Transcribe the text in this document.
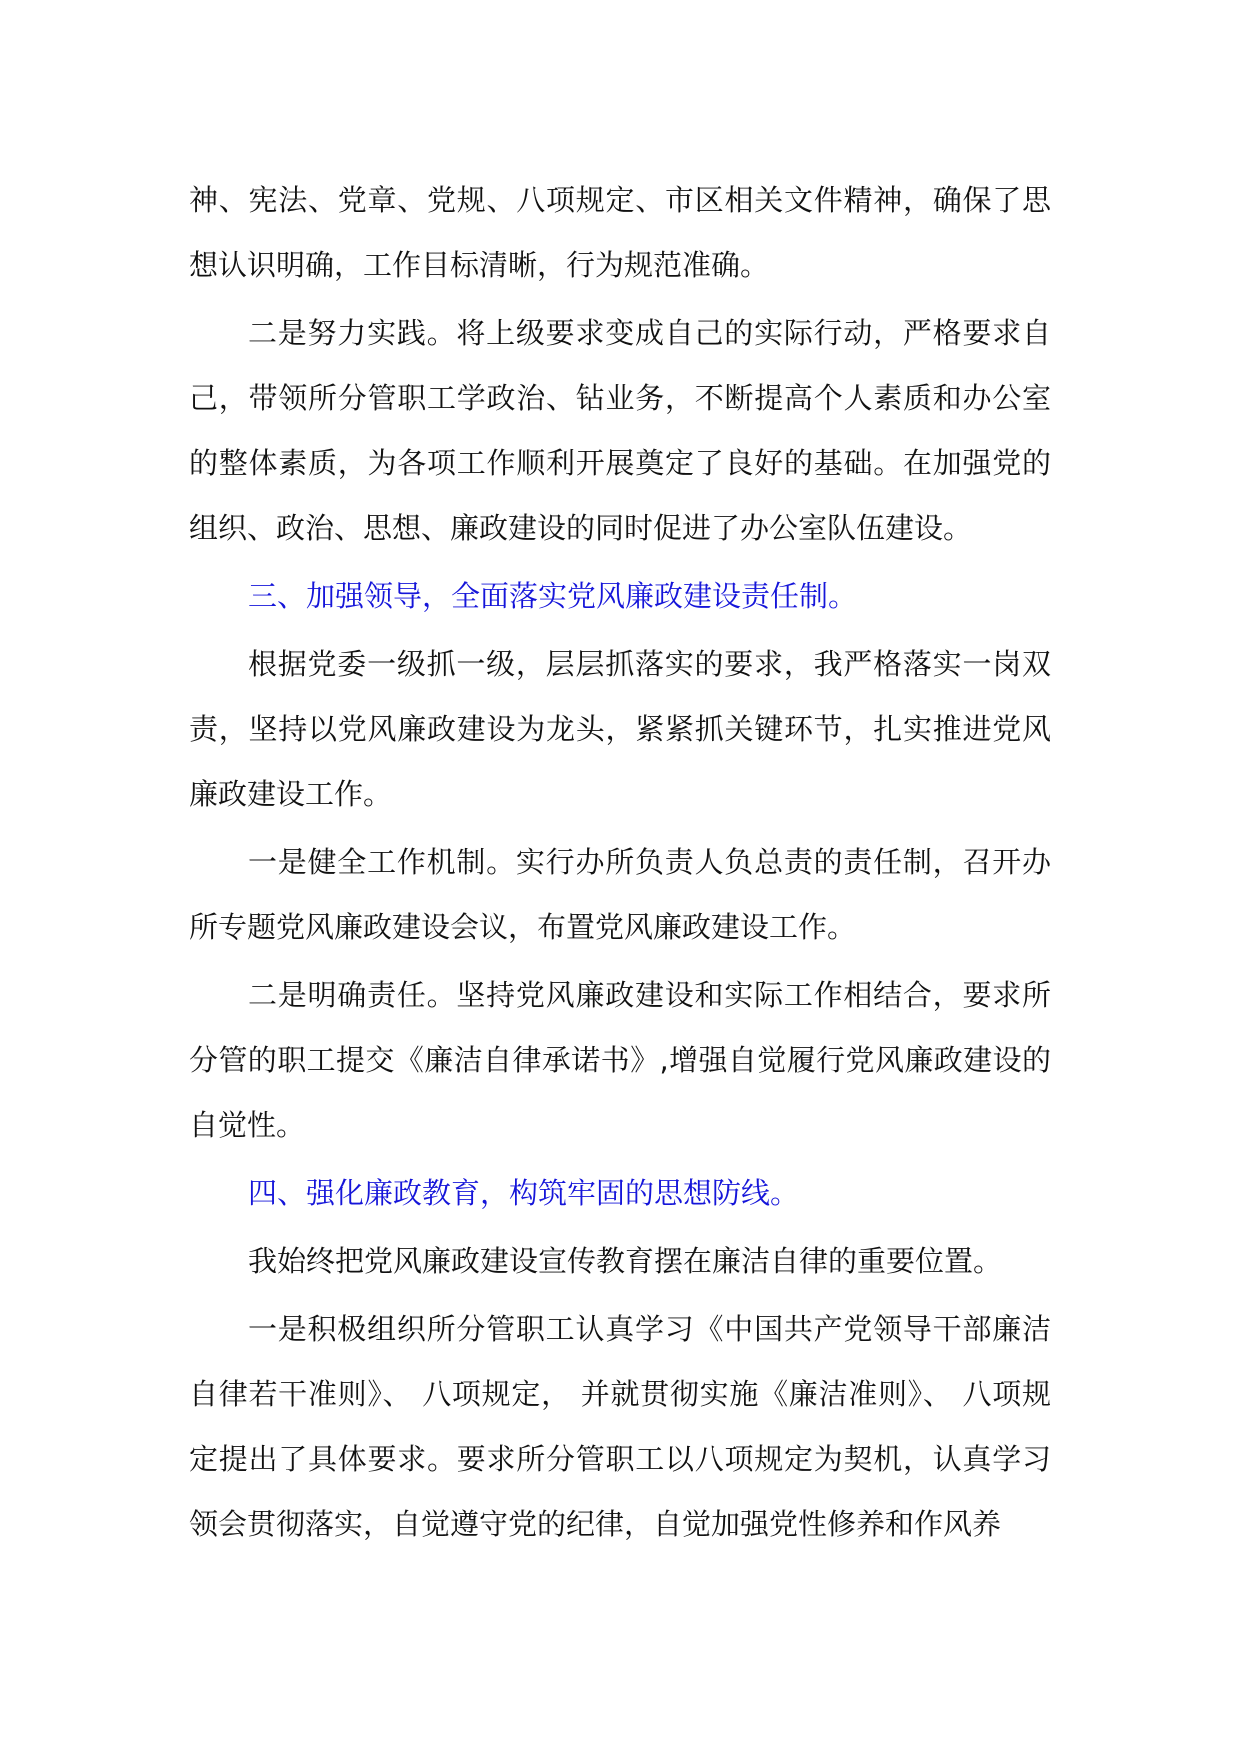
神、宪法、党章、党规、八项规定、市区相关文件精神，确保了思想认识明确，工作目标清晰，行为规范准确。

二是努力实践。将上级要求变成自己的实际行动，严格要求自己，带领所分管职工学政治、钻业务，不断提高个人素质和办公室的整体素质，为各项工作顺利开展奠定了良好的基础。在加强党的组织、政治、思想、廉政建设的同时促进了办公室队伍建设。

三、加强领导，全面落实党风廉政建设责任制。

根据党委一级抓一级，层层抓落实的要求，我严格落实一岗双责，坚持以党风廉政建设为龙头，紧紧抓关键环节，扎实推进党风廉政建设工作。

一是健全工作机制。实行办所负责人负总责的责任制，召开办所专题党风廉政建设会议，布置党风廉政建设工作。

二是明确责任。坚持党风廉政建设和实际工作相结合，要求所分管的职工提交《廉洁自律承诺书》,增强自觉履行党风廉政建设的自觉性。

四、强化廉政教育，构筑牢固的思想防线。

我始终把党风廉政建设宣传教育摆在廉洁自律的重要位置。

一是积极组织所分管职工认真学习《中国共产党领导干部廉洁自律若干准则》、 八项规定， 并就贯彻实施《廉洁准则》、 八项规定提出了具体要求。要求所分管职工以八项规定为契机，认真学习领会贯彻落实，自觉遵守党的纪律，自觉加强党性修养和作风养
